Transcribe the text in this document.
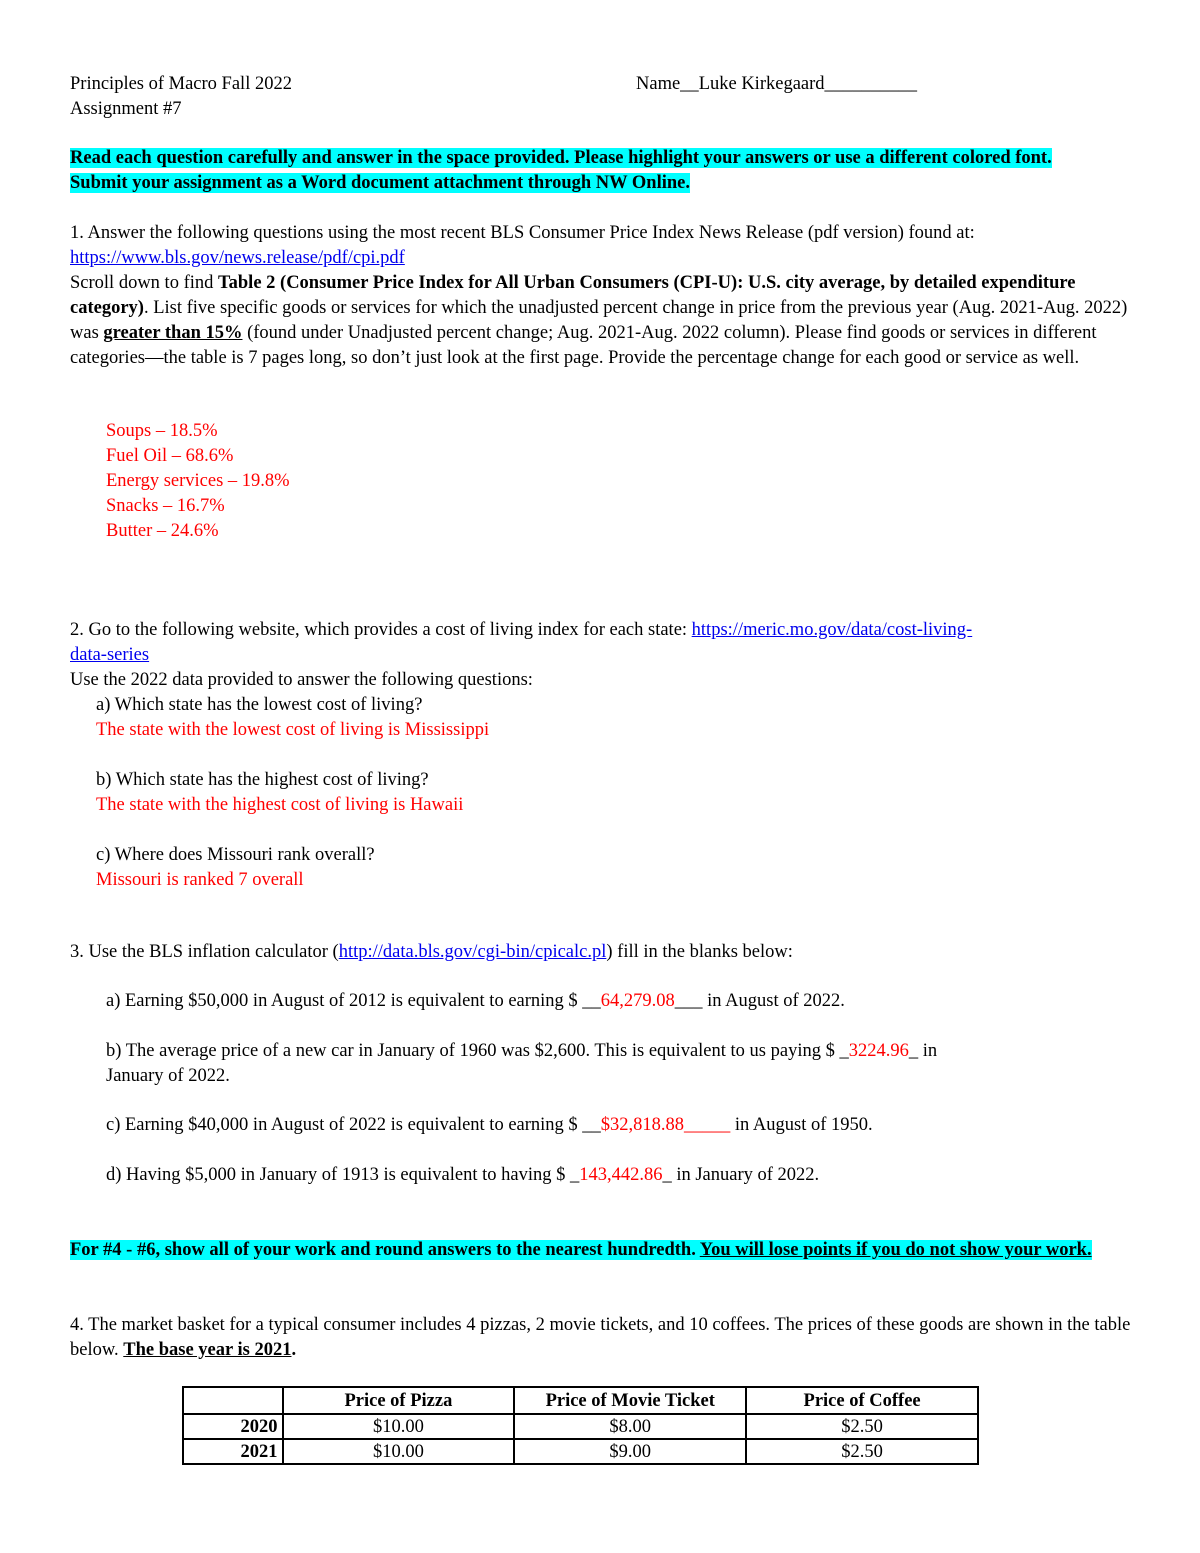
Principles of Macro Fall 2022
Assignment #7
Name__Luke Kirkegaard__________
Read each question carefully and answer in the space provided. Please highlight your answers or use a different colored font. Submit your assignment as a Word document attachment through NW Online.
1. Answer the following questions using the most recent BLS Consumer Price Index News Release (pdf version) found at: https://www.bls.gov/news.release/pdf/cpi.pdf
Scroll down to find Table 2 (Consumer Price Index for All Urban Consumers (CPI-U): U.S. city average, by detailed expenditure category). List five specific goods or services for which the unadjusted percent change in price from the previous year (Aug. 2021-Aug. 2022) was greater than 15% (found under Unadjusted percent change; Aug. 2021-Aug. 2022 column). Please find goods or services in different categories—the table is 7 pages long, so don’t just look at the first page. Provide the percentage change for each good or service as well.
Soups – 18.5%
Fuel Oil – 68.6%
Energy services – 19.8%
Snacks – 16.7%
Butter – 24.6%
2. Go to the following website, which provides a cost of living index for each state: https://meric.mo.gov/data/cost-living-
data-series
Use the 2022 data provided to answer the following questions:
a) Which state has the lowest cost of living?
The state with the lowest cost of living is Mississippi
b) Which state has the highest cost of living?
The state with the highest cost of living is Hawaii
c) Where does Missouri rank overall?
Missouri is ranked 7 overall
3. Use the BLS inflation calculator (http://data.bls.gov/cgi-bin/cpicalc.pl) fill in the blanks below:
a) Earning $50,000 in August of 2012 is equivalent to earning $ __64,279.08___ in August of 2022.
b) The average price of a new car in January of 1960 was $2,600. This is equivalent to us paying $ _3224.96_ in
January of 2022.
c) Earning $40,000 in August of 2022 is equivalent to earning $ __$32,818.88_____ in August of 1950.
d) Having $5,000 in January of 1913 is equivalent to having $ _143,442.86_ in January of 2022.
For #4 - #6, show all of your work and round answers to the nearest hundredth. You will lose points if you do not show your work.
4. The market basket for a typical consumer includes 4 pizzas, 2 movie tickets, and 10 coffees. The prices of these goods are shown in the table below. The base year is 2021.
	Price of Pizza	Price of Movie Ticket	Price of Coffee
2020	$10.00	$8.00	$2.50
2021	$10.00	$9.00	$2.50
